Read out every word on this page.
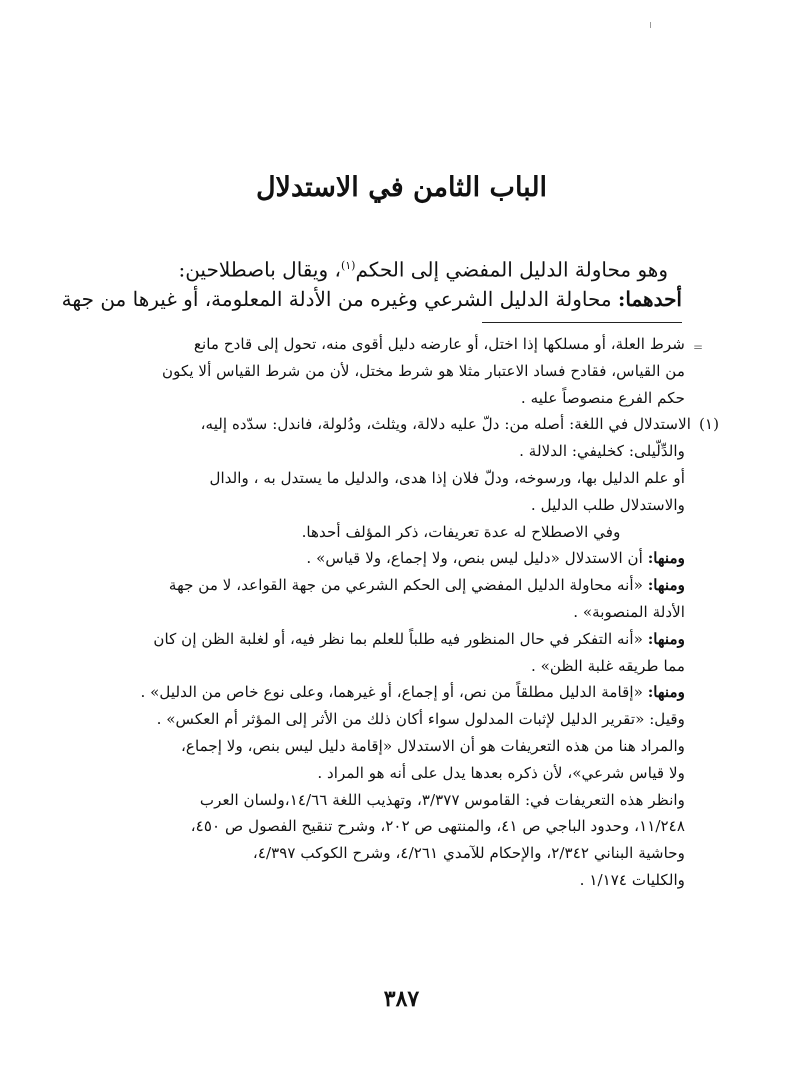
الباب الثامن في الاستدلال
وهو محاولة الدليل المفضي إلى الحكم$^{(١)}$، ويقال باصطلاحين:
أحدهما: محاولة الدليل الشرعي وغيره من الأدلة المعلومة، أو غيرها من جهة
=
شرط العلة، أو مسلكها إذا اختل، أو عارضه دليل أقوى منه، تحول إلى قادح مانع
من القياس، فقادح فساد الاعتبار مثلا هو شرط مختل، لأن من شرط القياس ألا يكون
حكم الفرع منصوصاً عليه .
(١)الاستدلال في اللغة: أصله من: دلّ عليه دلالة، ويثلث، ودُلولة، فاندل: سدّده إليه،
والدِّلّيلى: كخليفي: الدلالة .
أو علم الدليل بها، ورسوخه، ودلّ فلان إذا هدى، والدليل ما يستدل به ، والدال
والاستدلال طلب الدليل .
وفي الاصطلاح له عدة تعريفات، ذكر المؤلف أحدها.
ومنها: أن الاستدلال «دليل ليس بنص، ولا إجماع، ولا قياس» .
ومنها: «أنه محاولة الدليل المفضي إلى الحكم الشرعي من جهة القواعد، لا من جهة
الأدلة المنصوبة» .
ومنها: «أنه التفكر في حال المنظور فيه طلباً للعلم بما نظر فيه، أو لغلبة الظن إن كان
مما طريقه غلبة الظن» .
ومنها: «إقامة الدليل مطلقاً من نص، أو إجماع، أو غيرهما، وعلى نوع خاص من الدليل» .
وقيل: «تقرير الدليل لإثبات المدلول سواء أكان ذلك من الأثر إلى المؤثر أم العكس» .
والمراد هنا من هذه التعريفات هو أن الاستدلال «إقامة دليل ليس بنص، ولا إجماع،
ولا قياس شرعي»، لأن ذكره بعدها يدل على أنه هو المراد .
وانظر هذه التعريفات في: القاموس ٣/٣٧٧، وتهذيب اللغة ١٤/٦٦،ولسان العرب
١١/٢٤٨، وحدود الباجي ص ٤١، والمنتهى ص ٢٠٢، وشرح تنقيح الفصول ص ٤٥٠،
وحاشية البناني ٢/٣٤٢، والإحكام للآمدي ٤/٢٦١، وشرح الكوكب ٤/٣٩٧،
والكليات ١/١٧٤ .
٣٨٧
